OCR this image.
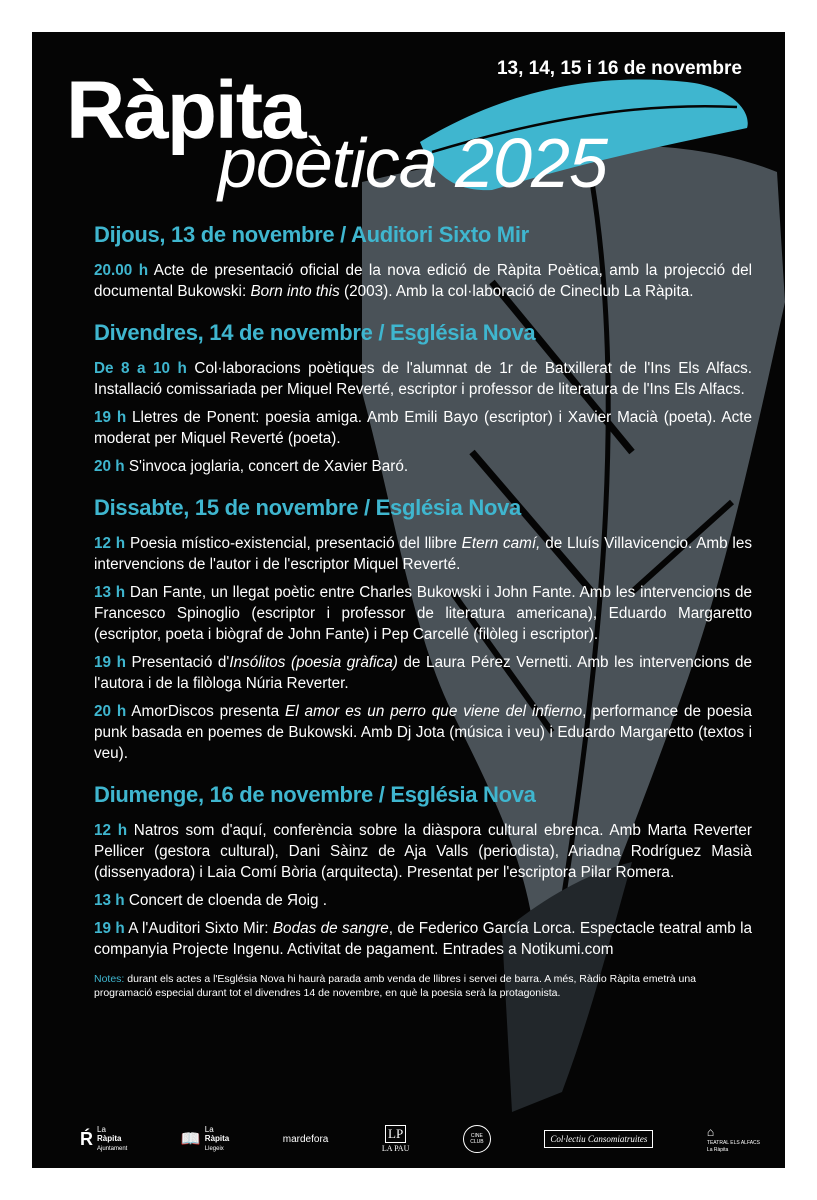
13, 14, 15 i 16 de novembre
Ràpita
poètica 2025
Dijous, 13 de novembre / Auditori Sixto Mir

20.00 h Acte de presentació oficial de la nova edició de Ràpita Poètica, amb la projecció del documental Bukowski: Born into this (2003). Amb la col·laboració de Cineclub La Ràpita.

Divendres, 14 de novembre / Església Nova

De 8 a 10 h Col·laboracions poètiques de l'alumnat de 1r de Batxillerat de l'Ins Els Alfacs. Installació comissariada per Miquel Reverté, escriptor i professor de literatura de l'Ins Els Alfacs.

19 h Lletres de Ponent: poesia amiga. Amb Emili Bayo (escriptor) i Xavier Macià (poeta). Acte moderat per Miquel Reverté (poeta).

20 h S'invoca joglaria, concert de Xavier Baró.

Dissabte, 15 de novembre / Església Nova

12 h Poesia místico-existencial, presentació del llibre Etern camí, de Lluís Villavicencio. Amb les intervencions de l'autor i de l'escriptor Miquel Reverté.

13 h Dan Fante, un llegat poètic entre Charles Bukowski i John Fante. Amb les intervencions de Francesco Spinoglio (escriptor i professor de literatura americana), Eduardo Margaretto (escriptor, poeta i biògraf de John Fante) i Pep Carcellé (filòleg i escriptor).

19 h Presentació d'Insólitos (poesia gràfica) de Laura Pérez Vernetti. Amb les intervencions de l'autora i de la filòloga Núria Reverter.

20 h AmorDiscos presenta El amor es un perro que viene del infierno, performance de poesia punk basada en poemes de Bukowski. Amb Dj Jota (música i veu) i Eduardo Margaretto (textos i veu).

Diumenge, 16 de novembre / Església Nova

12 h Natros som d'aquí, conferència sobre la diàspora cultural ebrenca. Amb Marta Reverter Pellicer (gestora cultural), Dani Sàinz de Aja Valls (periodista), Ariadna Rodríguez Masià (dissenyadora) i Laia Comí Bòria (arquitecta). Presentat per l'escriptora Pilar Romera.

13 h Concert de cloenda de Яoig .

19 h A l'Auditori Sixto Mir: Bodas de sangre, de Federico García Lorca. Espectacle teatral amb la companyia Projecte Ingenu. Activitat de pagament. Entrades a Notikumi.com

Notes: durant els actes a l'Església Nova hi haurà parada amb venda de llibres i servei de barra. A més, Ràdio Ràpita emetrà una programació especial durant tot el divendres 14 de novembre, en què la poesia serà la protagonista.
Ŕ La
Ràpita
Ajuntament
📖
La
Ràpita
Llegeix
mardefora	LP
LA PAU
CINE CLUB	Col·lectiu Cansomiatruites	⌂
TEATRAL ELS ALFACS
La Ràpita
